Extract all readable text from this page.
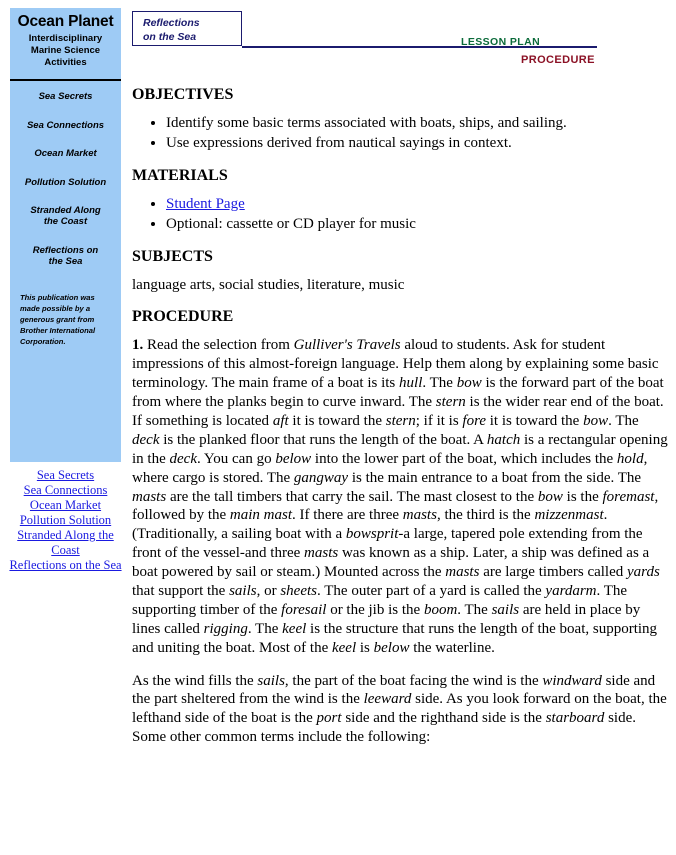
Ocean Planet
Interdisciplinary
Marine Science
Activities
Sea Secrets
Sea Connections
Ocean Market
Pollution Solution
Stranded Along
the Coast
Reflections on
the Sea
This publication was made possible by a generous grant from Brother International Corporation.
Sea Secrets
Sea Connections
Ocean Market
Pollution Solution
Stranded Along the Coast
Reflections on the Sea
Reflections
on the Sea	LESSON PLAN
PROCEDURE
OBJECTIVES
• Identify some basic terms associated with boats, ships, and sailing.
• Use expressions derived from nautical sayings in context.
MATERIALS
• Student Page
• Optional: cassette or CD player for music
SUBJECTS

language arts, social studies, literature, music

PROCEDURE

1. Read the selection from Gulliver's Travels aloud to students. Ask for student impressions of this almost-foreign language. Help them along by explaining some basic terminology. The main frame of a boat is its hull. The bow is the forward part of the boat from where the planks begin to curve inward. The stern is the wider rear end of the boat. If something is located aft it is toward the stern; if it is fore it is toward the bow. The deck is the planked floor that runs the length of the boat. A hatch is a rectangular opening in the deck. You can go below into the lower part of the boat, which includes the hold, where cargo is stored. The gangway is the main entrance to a boat from the side. The masts are the tall timbers that carry the sail. The mast closest to the bow is the foremast, followed by the main mast. If there are three masts, the third is the mizzenmast. (Traditionally, a sailing boat with a bowsprit-a large, tapered pole extending from the front of the vessel-and three masts was known as a ship. Later, a ship was defined as a boat powered by sail or steam.) Mounted across the masts are large timbers called yards that support the sails, or sheets. The outer part of a yard is called the yardarm. The supporting timber of the foresail or the jib is the boom. The sails are held in place by lines called rigging. The keel is the structure that runs the length of the boat, supporting and uniting the boat. Most of the keel is below the waterline.

As the wind fills the sails, the part of the boat facing the wind is the windward side and the part sheltered from the wind is the leeward side. As you look forward on the boat, the lefthand side of the boat is the port side and the righthand side is the starboard side. Some other common terms include the following:
